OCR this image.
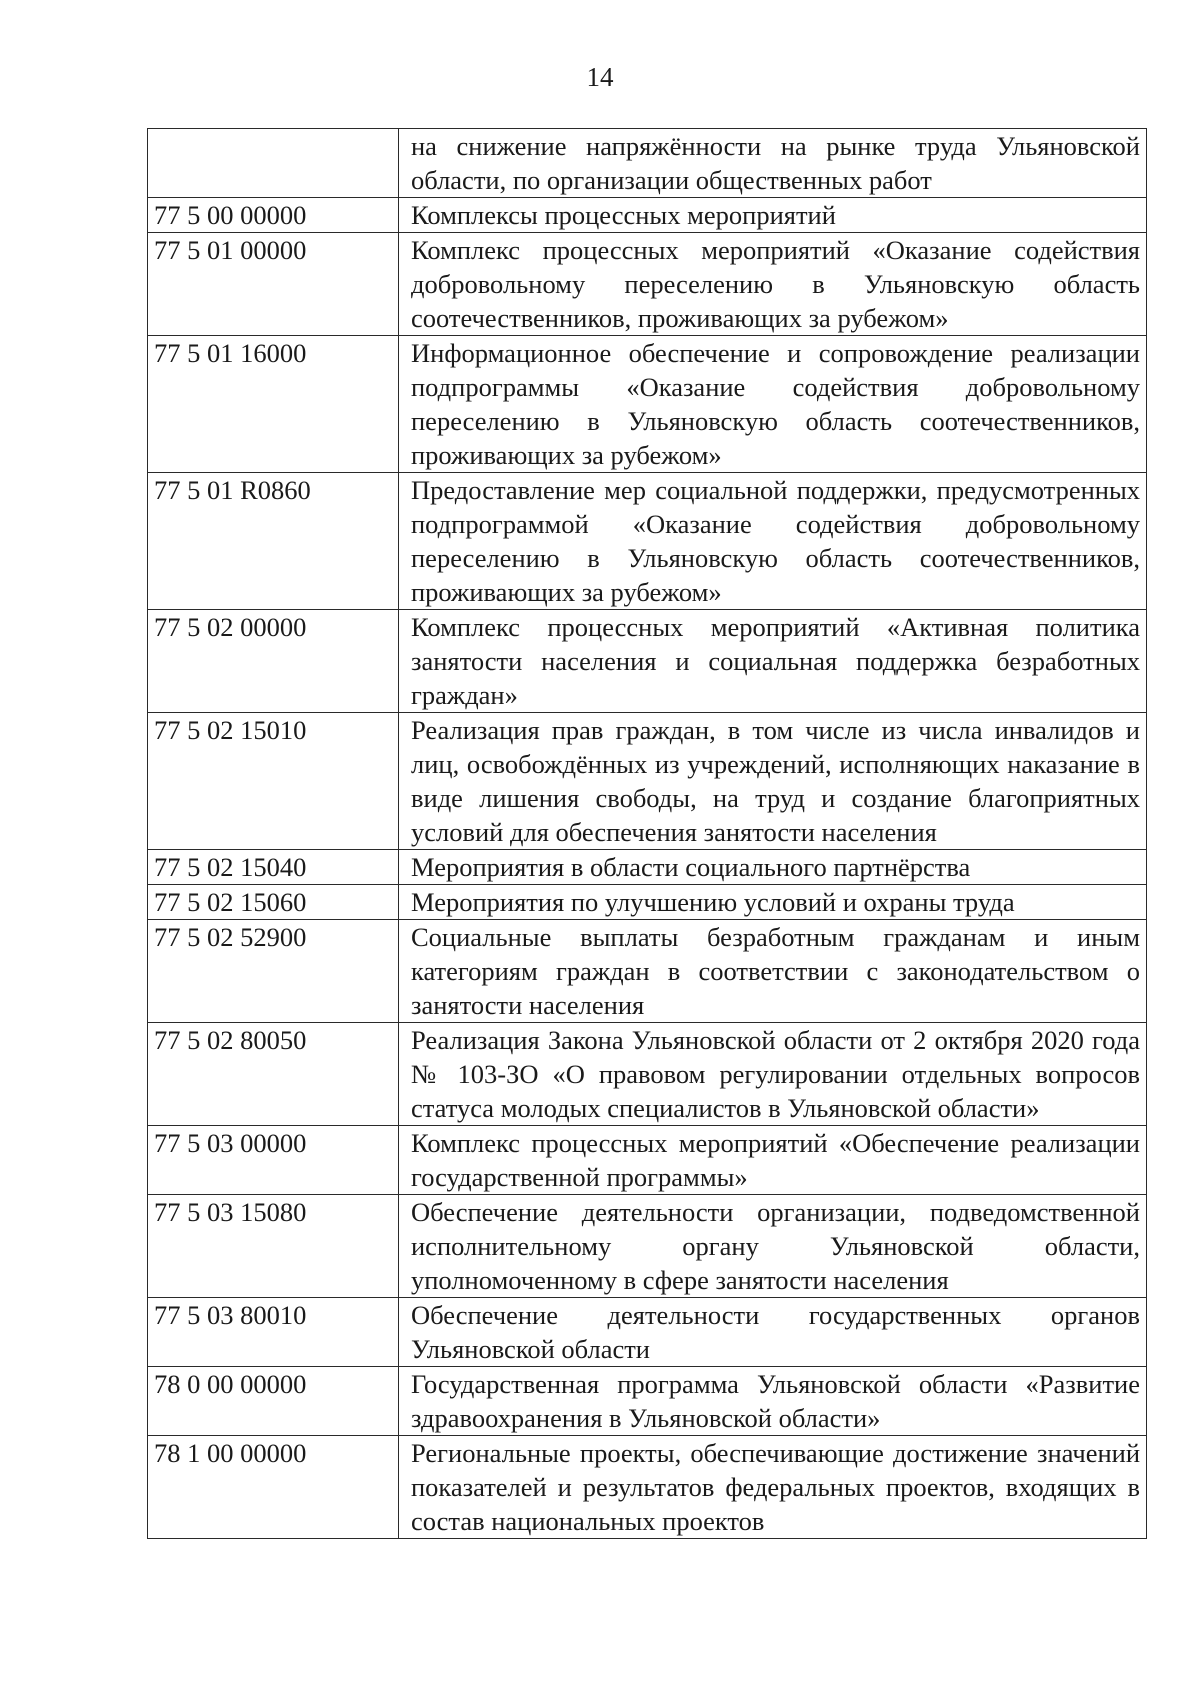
14
	на снижение напряжённости на рынке труда Ульяновской области, по организации общественных работ
77 5 00 00000	Комплексы процессных мероприятий
77 5 01 00000	Комплекс процессных мероприятий «Оказание содействия добровольному переселению в Ульяновскую область соотечественников, проживающих за рубежом»
77 5 01 16000	Информационное обеспечение и сопровождение реализации подпрограммы «Оказание содействия добровольному переселению в Ульяновскую область соотечественников, проживающих за рубежом»
77 5 01 R0860	Предоставление мер социальной поддержки, предусмотренных подпрограммой «Оказание содействия добровольному переселению в Ульяновскую область соотечественников, проживающих за рубежом»
77 5 02 00000	Комплекс процессных мероприятий «Активная политика занятости населения и социальная поддержка безработных граждан»
77 5 02 15010	Реализация прав граждан, в том числе из числа инвалидов и лиц, освобождённых из учреждений, исполняющих наказание в виде лишения свободы, на труд и создание благоприятных условий для обеспечения занятости населения
77 5 02 15040	Мероприятия в области социального партнёрства
77 5 02 15060	Мероприятия по улучшению условий и охраны труда
77 5 02 52900	Социальные выплаты безработным гражданам и иным категориям граждан в соответствии с законодательством о занятости населения
77 5 02 80050	Реализация Закона Ульяновской области от 2 октября 2020 года № 103-ЗО «О правовом регулировании отдельных вопросов статуса молодых специалистов в Ульяновской области»
77 5 03 00000	Комплекс процессных мероприятий «Обеспечение реализации государственной программы»
77 5 03 15080	Обеспечение деятельности организации, подведомственной исполнительному органу Ульяновской области, уполномоченному в сфере занятости населения
77 5 03 80010	Обеспечение деятельности государственных органов Ульяновской области
78 0 00 00000	Государственная программа Ульяновской области «Развитие здравоохранения в Ульяновской области»
78 1 00 00000	Региональные проекты, обеспечивающие достижение значений показателей и результатов федеральных проектов, входящих в состав национальных проектов
